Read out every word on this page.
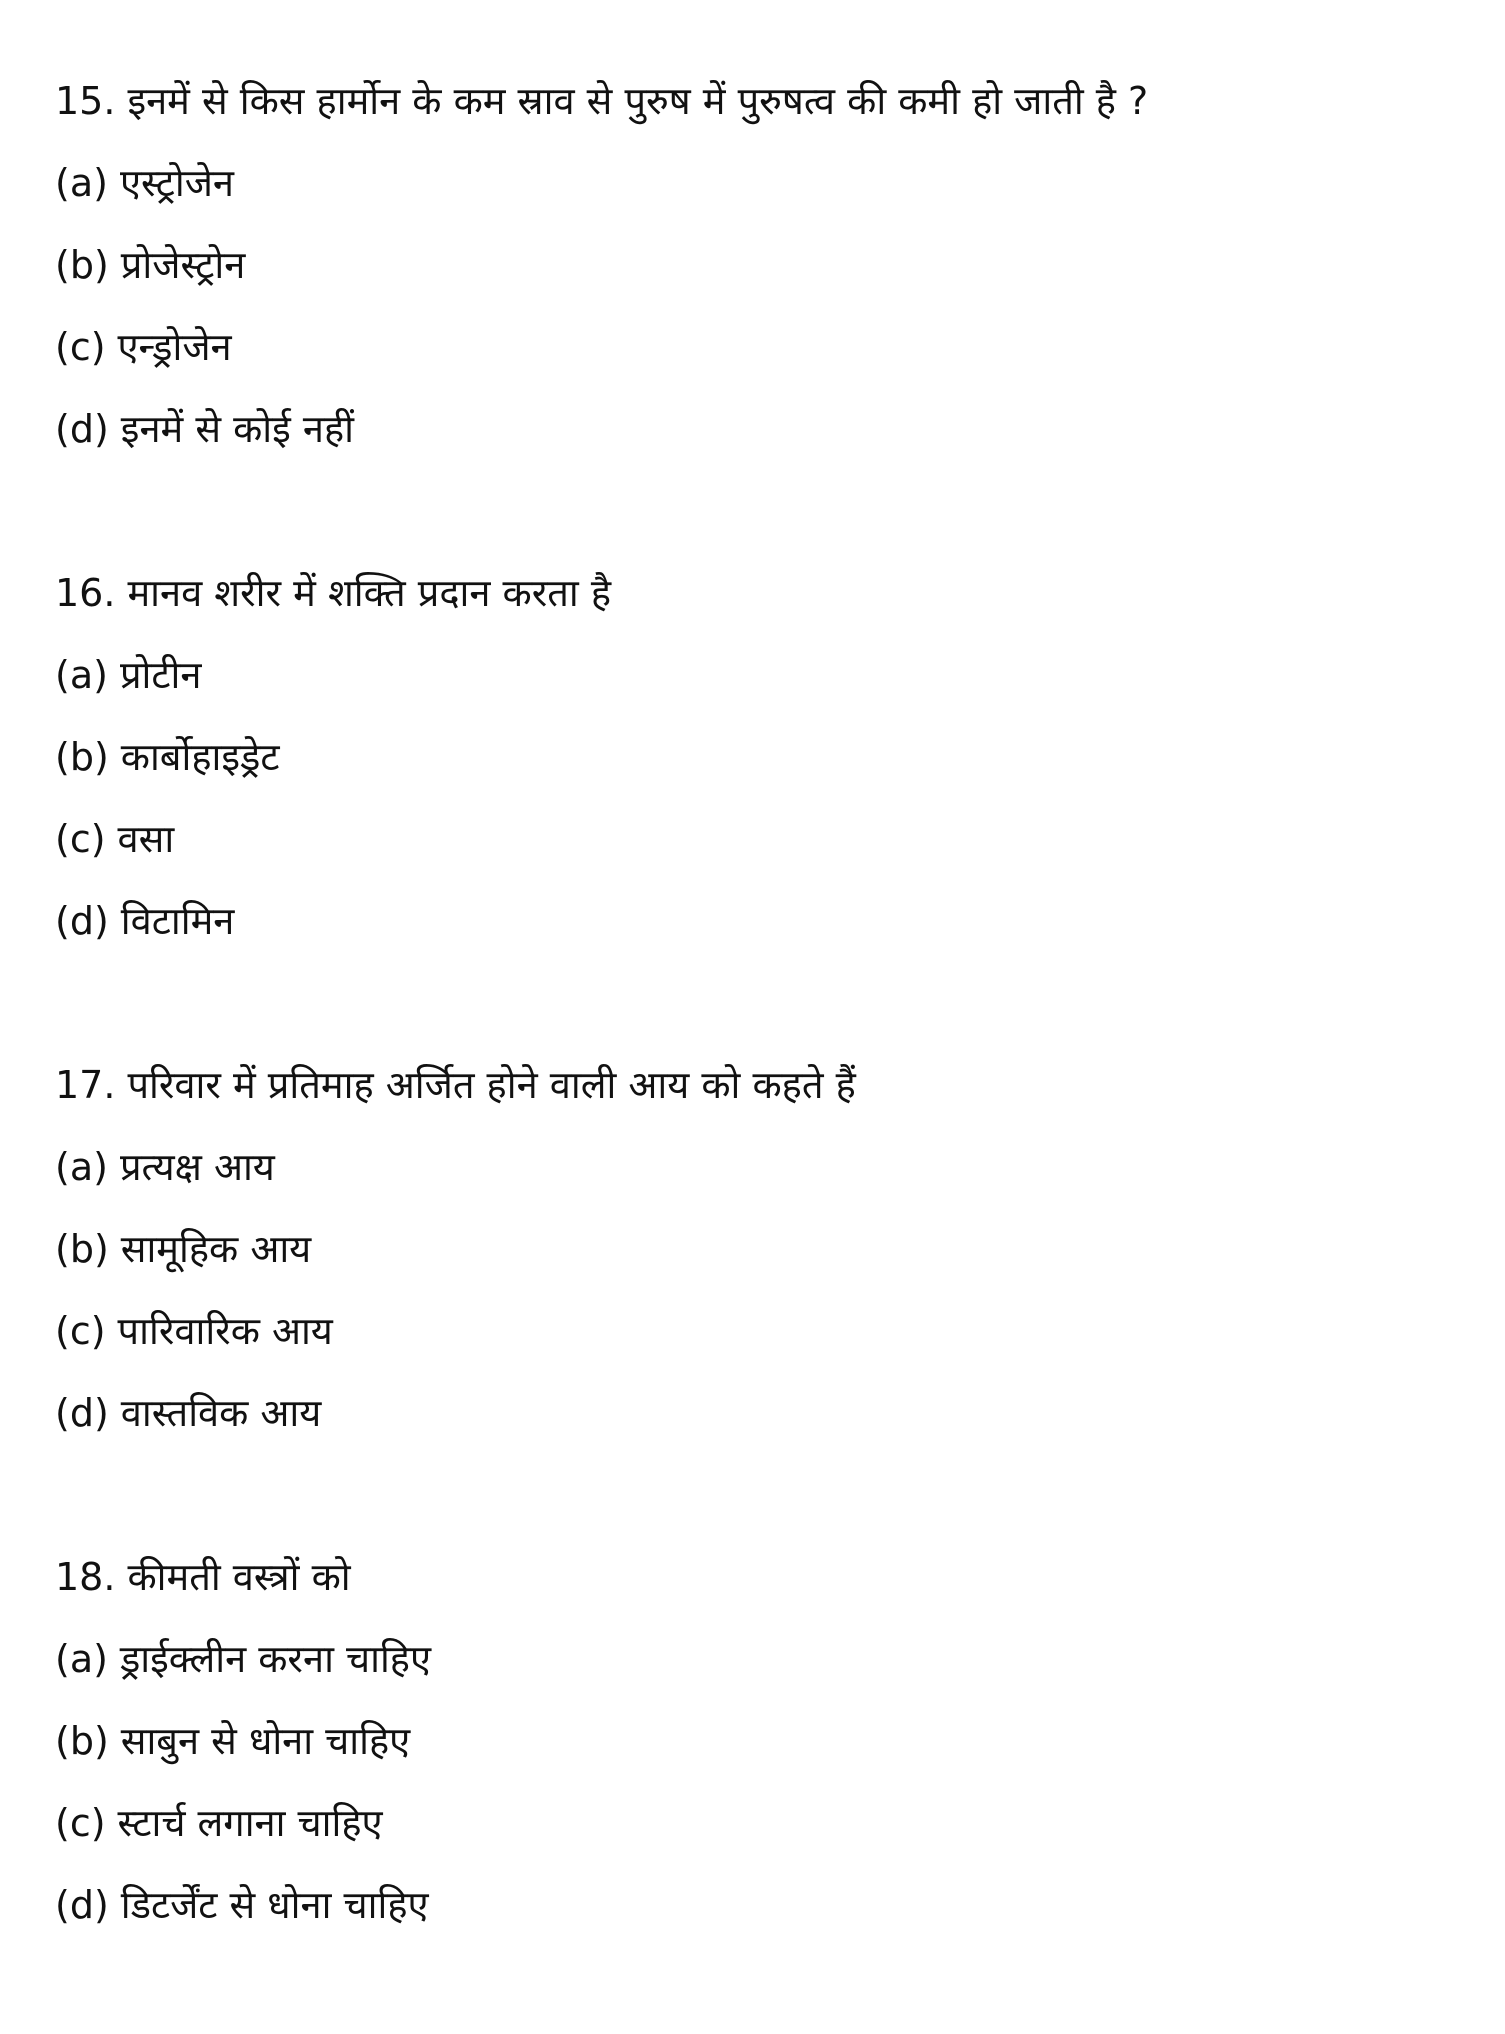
15. इनमें से किस हार्मोन के कम स्राव से पुरुष में पुरुषत्व की कमी हो जाती है ?
(a) एस्ट्रोजेन
(b) प्रोजेस्ट्रोन
(c) एन्ड्रोजेन
(d) इनमें से कोई नहीं
16. मानव शरीर में शक्ति प्रदान करता है
(a) प्रोटीन
(b) कार्बोहाइड्रेट
(c) वसा
(d) विटामिन
17. परिवार में प्रतिमाह अर्जित होने वाली आय को कहते हैं
(a) प्रत्यक्ष आय
(b) सामूहिक आय
(c) पारिवारिक आय
(d) वास्तविक आय
18. कीमती वस्त्रों को
(a) ड्राईक्लीन करना चाहिए
(b) साबुन से धोना चाहिए
(c) स्टार्च लगाना चाहिए
(d) डिटर्जेंट से धोना चाहिए
